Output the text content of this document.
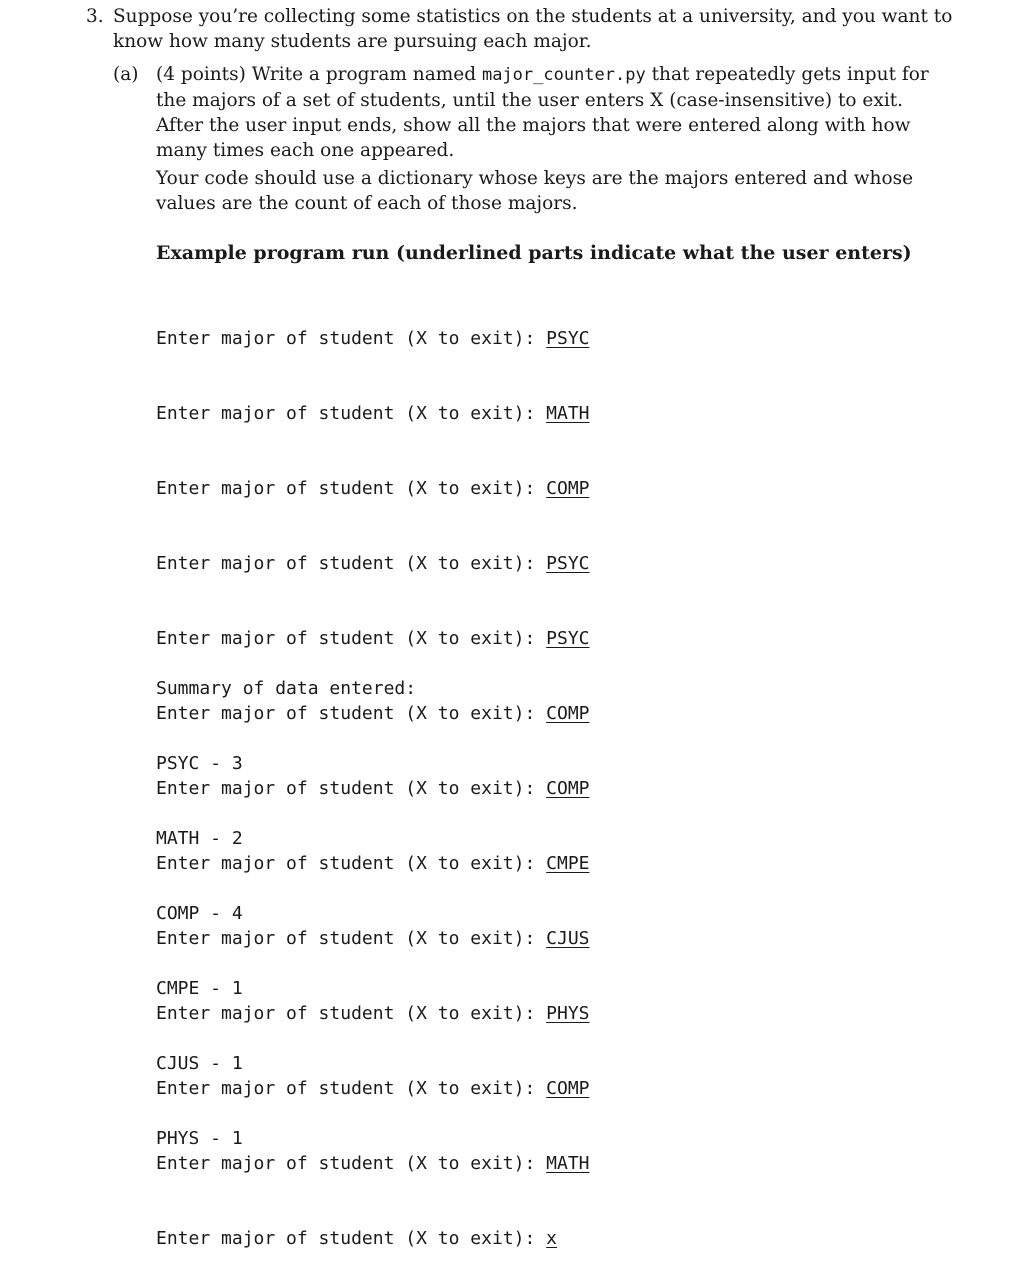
3. Suppose you’re collecting some statistics on the students at a university, and you want to know how many students are pursuing each major.
(a) (4 points) Write a program named major_counter.py that repeatedly gets input for the majors of a set of students, until the user enters X (case-insensitive) to exit. After the user input ends, show all the majors that were entered along with how many times each one appeared.
Your code should use a dictionary whose keys are the majors entered and whose values are the count of each of those majors.
Example program run (underlined parts indicate what the user enters)

Enter major of student (X to exit): PSYC

Enter major of student (X to exit): MATH

Enter major of student (X to exit): COMP

Enter major of student (X to exit): PSYC

Enter major of student (X to exit): PSYC

Enter major of student (X to exit): COMP

Enter major of student (X to exit): COMP

Enter major of student (X to exit): CMPE

Enter major of student (X to exit): CJUS

Enter major of student (X to exit): PHYS

Enter major of student (X to exit): COMP

Enter major of student (X to exit): MATH

Enter major of student (X to exit): x

Summary of data entered:

PSYC - 3

MATH - 2

COMP - 4

CMPE - 1

CJUS - 1

PHYS - 1
